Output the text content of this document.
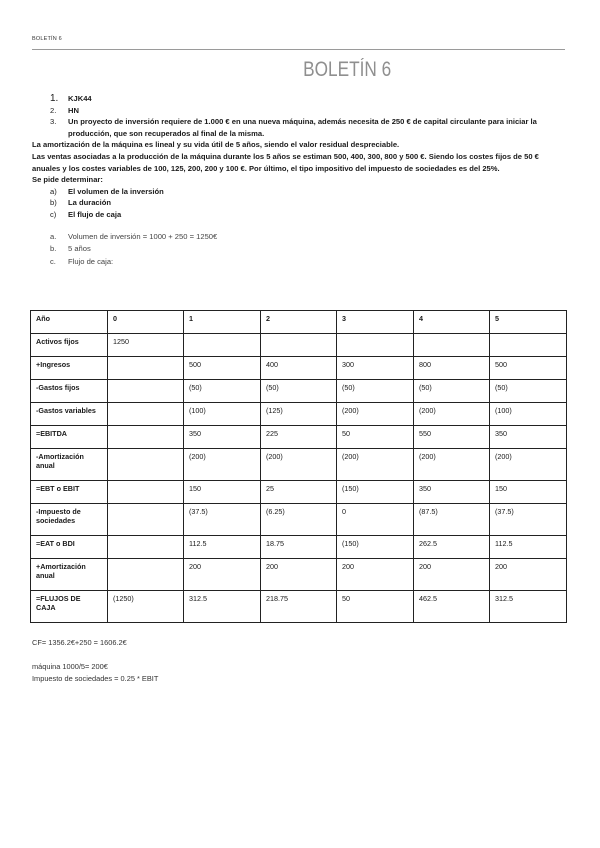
BOLETÍN 6
BOLETÍN 6
1. KJK44
2. HN
3. Un proyecto de inversión requiere de 1.000 € en una nueva máquina, además necesita de 250 € de capital circulante para iniciar la producción, que son recuperados al final de la misma.

La amortización de la máquina es lineal y su vida útil de 5 años, siendo el valor residual despreciable.

Las ventas asociadas a la producción de la máquina durante los 5 años se estiman 500, 400, 300, 800 y 500 €. Siendo los costes fijos de 50 € anuales y los costes variables de 100, 125, 200, 200 y 100 €. Por último, el tipo impositivo del impuesto de sociedades es del 25%.

Se pide determinar:

a) El volumen de la inversión
b) La duración
c) El flujo de caja
a. Volumen de inversión = 1000 + 250 = 1250€
b. 5 años
c. Flujo de caja:
Año	0	1	2	3	4	5
Activos fijos	1250					
+Ingresos		500	400	300	800	500
-Gastos fijos		(50)	(50)	(50)	(50)	(50)
-Gastos variables		(100)	(125)	(200)	(200)	(100)
=EBITDA		350	225	50	550	350
-Amortización anual		(200)	(200)	(200)	(200)	(200)
=EBT o EBIT		150	25	(150)	350	150
-Impuesto de sociedades		(37.5)	(6.25)	0	(87.5)	(37.5)
=EAT o BDI		112.5	18.75	(150)	262.5	112.5
+Amortización anual		200	200	200	200	200
=FLUJOS DE CAJA	(1250)	312.5	218.75	50	462.5	312.5

CF= 1356.2€+250 = 1606.2€

máquina 1000/5= 200€

Impuesto de sociedades = 0.25 * EBIT
